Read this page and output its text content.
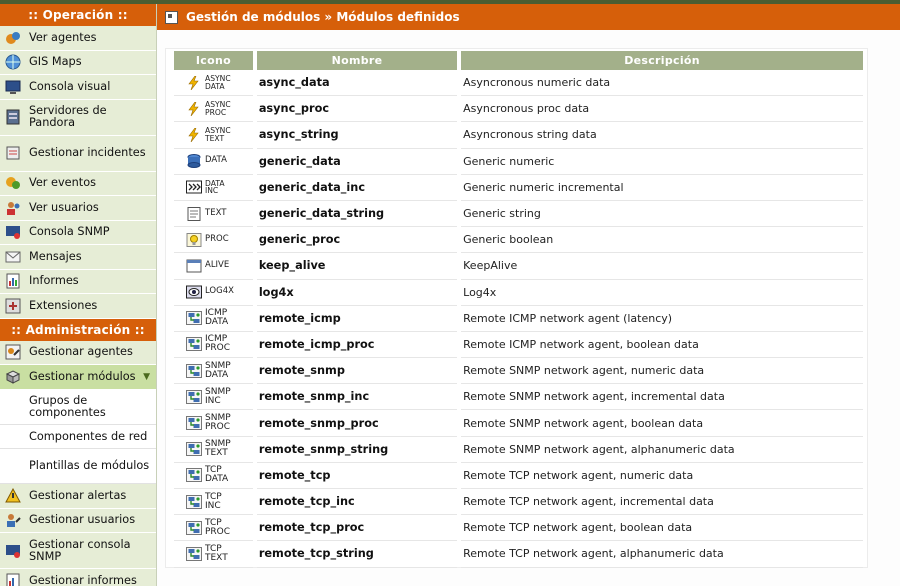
:: Operación ::
Ver agentes
GIS Maps
Consola visual
Servidores de Pandora
Gestionar incidentes
Ver eventos
Ver usuarios
Consola SNMP
Mensajes
Informes
Extensiones
:: Administración ::
Gestionar agentes
Gestionar módulos ▼
Grupos de componentes
Componentes de red
Plantillas de módulos
Gestionar alertas
Gestionar usuarios
Gestionar consola SNMP
Gestionar informes
Gestión de módulos » Módulos definidos
Icono	Nombre	Descripción

ASYNC
DATA	async_data	Asyncronous numeric data

ASYNC
PROC	async_proc	Asyncronous proc data

ASYNC
TEXT	async_string	Asyncronous string data

DATA	generic_data	Generic numeric

DATA
INC	generic_data_inc	Generic numeric incremental

TEXT	generic_data_string	Generic string

PROC	generic_proc	Generic boolean

ALIVE	keep_alive	KeepAlive

LOG4X	log4x	Log4x

ICMP
DATA	remote_icmp	Remote ICMP network agent (latency)

ICMP
PROC	remote_icmp_proc	Remote ICMP network agent, boolean data

SNMP
DATA	remote_snmp	Remote SNMP network agent, numeric data

SNMP
INC	remote_snmp_inc	Remote SNMP network agent, incremental data

SNMP
PROC	remote_snmp_proc	Remote SNMP network agent, boolean data

SNMP
TEXT	remote_snmp_string	Remote SNMP network agent, alphanumeric data

TCP
DATA	remote_tcp	Remote TCP network agent, numeric data

TCP
INC	remote_tcp_inc	Remote TCP network agent, incremental data

TCP
PROC	remote_tcp_proc	Remote TCP network agent, boolean data

TCP
TEXT	remote_tcp_string	Remote TCP network agent, alphanumeric data
